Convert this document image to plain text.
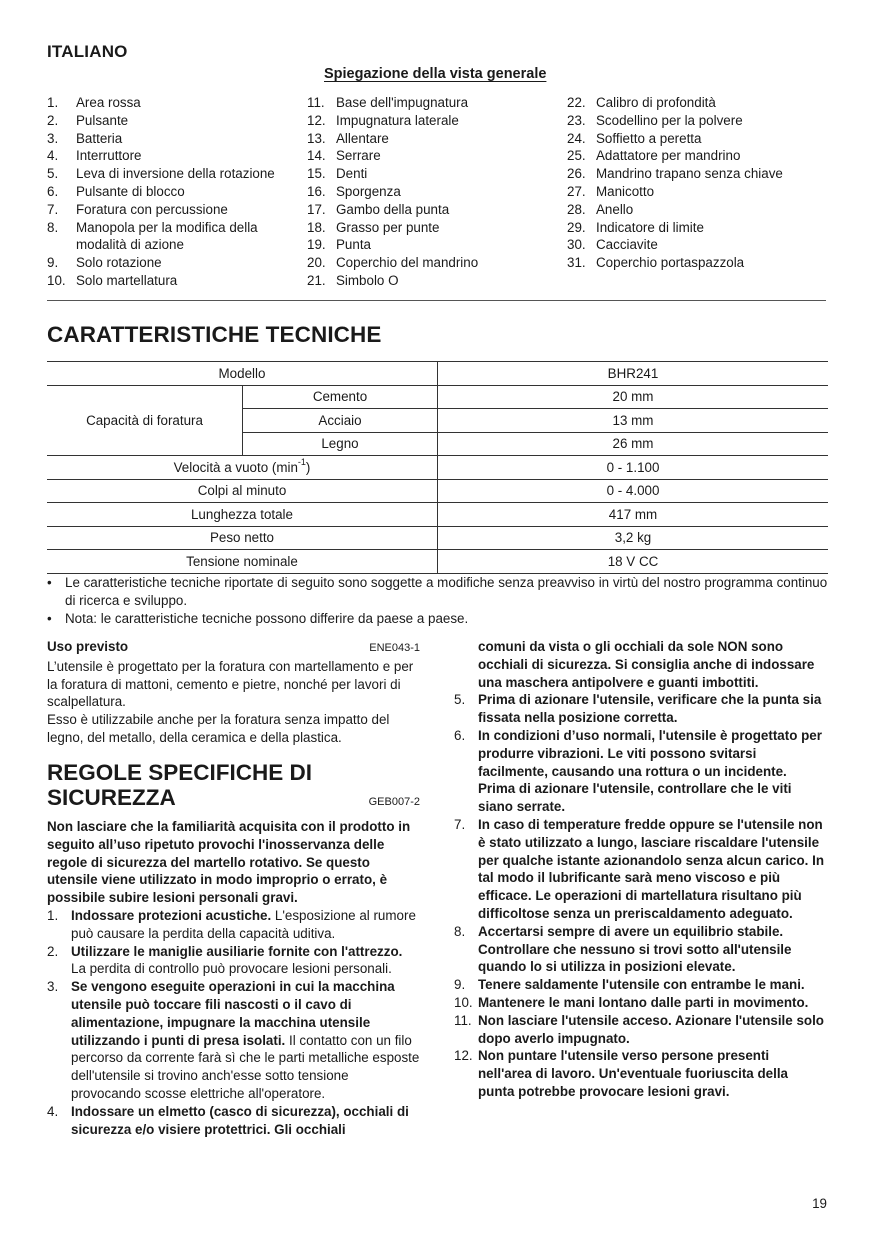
ITALIANO
Spiegazione della vista generale
1.	Area rossa
2.	Pulsante
3.	Batteria
4.	Interruttore
5.	Leva di inversione della rotazione
6.	Pulsante di blocco
7.	Foratura con percussione
8.	Manopola per la modifica della modalità di azione
9.	Solo rotazione
10. Solo martellatura
11. Base dell'impugnatura
12. Impugnatura laterale
13. Allentare
14. Serrare
15. Denti
16. Sporgenza
17. Gambo della punta
18. Grasso per punte
19. Punta
20. Coperchio del mandrino
21. Simbolo O
22. Calibro di profondità
23. Scodellino per la polvere
24. Soffietto a peretta
25. Adattatore per mandrino
26. Mandrino trapano senza chiave
27. Manicotto
28. Anello
29. Indicatore di limite
30. Cacciavite
31. Coperchio portaspazzola
CARATTERISTICHE TECNICHE
Modello		BHR241
Capacità di foratura	Cemento	20 mm
	Acciaio	13 mm
	Legno	26 mm
Velocità a vuoto $(\min^{-1})$		0 - 1.100
Colpi al minuto		0 - 4.000
Lunghezza totale		417 mm
Peso netto		3,2 kg
Tensione nominale		18 V CC
• Le caratteristiche tecniche riportate di seguito sono soggette a modifiche senza preavviso in virtù del nostro programma continuo di ricerca e sviluppo.
• Nota: le caratteristiche tecniche possono differire da paese a paese.
Uso previsto	ENE043-1
L’utensile è progettato per la foratura con martellamento e per la foratura di mattoni, cemento e pietre, nonché per lavori di scalpellatura.
Esso è utilizzabile anche per la foratura senza impatto del legno, del metallo, della ceramica e della plastica.
REGOLE SPECIFICHE DI
SICUREZZA	GEB007-2
Non lasciare che la familiarità acquisita con il prodotto in seguito all’uso ripetuto provochi l'inosservanza delle regole di sicurezza del martello rotativo. Se questo utensile viene utilizzato in modo improprio o errato, è possibile subire lesioni personali gravi.
1. Indossare protezioni acustiche. L'esposizione al rumore può causare la perdita della capacità uditiva.
2. Utilizzare le maniglie ausiliarie fornite con l'attrezzo. La perdita di controllo può provocare lesioni personali.
3. Se vengono eseguite operazioni in cui la macchina utensile può toccare fili nascosti o il cavo di alimentazione, impugnare la macchina utensile utilizzando i punti di presa isolati. Il contatto con un filo percorso da corrente farà sì che le parti metalliche esposte dell'utensile si trovino anch'esse sotto tensione provocando scosse elettriche all'operatore.
4. Indossare un elmetto (casco di sicurezza), occhiali di sicurezza e/o visiere protettrici. Gli occhiali
comuni da vista o gli occhiali da sole NON sono occhiali di sicurezza. Si consiglia anche di indossare una maschera antipolvere e guanti imbottiti.
5. Prima di azionare l'utensile, verificare che la punta sia fissata nella posizione corretta.
6. In condizioni d’uso normali, l'utensile è progettato per produrre vibrazioni. Le viti possono svitarsi facilmente, causando una rottura o un incidente. Prima di azionare l'utensile, controllare che le viti siano serrate.
7. In caso di temperature fredde oppure se l'utensile non è stato utilizzato a lungo, lasciare riscaldare l'utensile per qualche istante azionandolo senza alcun carico. In tal modo il lubrificante sarà meno viscoso e più efficace. Le operazioni di martellatura risultano più difficoltose senza un preriscaldamento adeguato.
8. Accertarsi sempre di avere un equilibrio stabile. Controllare che nessuno si trovi sotto all'utensile quando lo si utilizza in posizioni elevate.
9. Tenere saldamente l'utensile con entrambe le mani.
10. Mantenere le mani lontano dalle parti in movimento.
11. Non lasciare l'utensile acceso. Azionare l'utensile solo dopo averlo impugnato.
12. Non puntare l'utensile verso persone presenti nell'area di lavoro. Un'eventuale fuoriuscita della punta potrebbe provocare lesioni gravi.
19
